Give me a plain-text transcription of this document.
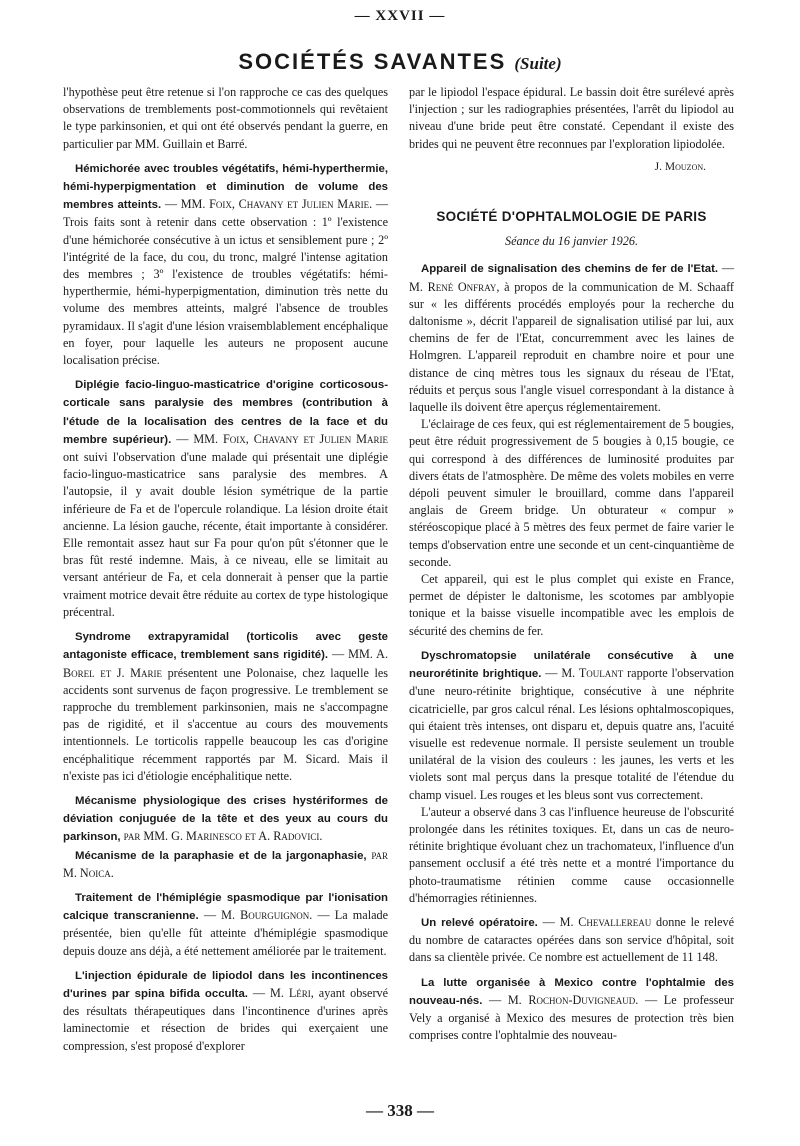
— XXVII —
SOCIÉTÉS SAVANTES (Suite)

l'hypothèse peut être retenue si l'on rapproche ce cas des quelques observations de tremblements post-commotionnels qui revêtaient le type parkinsonien, et qui ont été observés pendant la guerre, en particulier par MM. Guillain et Barré.

Hémichorée avec troubles végétatifs, hémi-hyperthermie, hémi-hyperpigmentation et diminution de volume des membres atteints. — MM. Foix, Chavany et Julien Marie. — Trois faits sont à retenir dans cette observation : 1º l'existence d'une hémichorée consécutive à un ictus et sensiblement pure ; 2º l'intégrité de la face, du cou, du tronc, malgré l'intense agitation des membres ; 3º l'existence de troubles végétatifs: hémi-hyperthermie, hémi-hyperpigmentation, diminution très nette du volume des membres atteints, malgré l'absence de troubles pyramidaux. Il s'agit d'une lésion vraisemblablement encéphalique en foyer, pour laquelle les auteurs ne proposent aucune localisation précise.

Diplégie facio-linguo-masticatrice d'origine corticosous-corticale sans paralysie des membres (contribution à l'étude de la localisation des centres de la face et du membre supérieur). — MM. Foix, Chavany et Julien Marie ont suivi l'observation d'une malade qui présentait une diplégie facio-linguo-masticatrice sans paralysie des membres. A l'autopsie, il y avait double lésion symétrique de la partie inférieure de Fa et de l'opercule rolandique. La lésion droite était ancienne. La lésion gauche, récente, était importante à considérer. Elle remontait assez haut sur Fa pour qu'on pût s'étonner que le bras fût resté indemne. Mais, à ce niveau, elle se limitait au versant antérieur de Fa, et cela donnerait à penser que la partie vraiment motrice devait être réduite au cortex de type histologique précentral.

Syndrome extrapyramidal (torticolis avec geste antagoniste efficace, tremblement sans rigidité). — MM. A. Borel et J. Marie présentent une Polonaise, chez laquelle les accidents sont survenus de façon progressive. Le tremblement se rapproche du tremblement parkinsonien, mais ne s'accompagne pas de rigidité, et il s'accentue au cours des mouvements intentionnels. Le torticolis rappelle beaucoup les cas d'origine encéphalitique récemment rapportés par M. Sicard. Mais il n'existe pas ici d'étiologie encéphalitique nette.

Mécanisme physiologique des crises hystériformes de déviation conjuguée de la tête et des yeux au cours du parkinson, par MM. G. Marinesco et A. Radovici.

Mécanisme de la paraphasie et de la jargonaphasie, par M. Noica.

Traitement de l'hémiplégie spasmodique par l'ionisation calcique transcranienne. — M. Bourguignon. — La malade présentée, bien qu'elle fût atteinte d'hémiplégie spasmodique depuis douze ans déjà, a été nettement améliorée par le traitement.

L'injection épidurale de lipiodol dans les incontinences d'urines par spina bifida occulta. — M. Léri, ayant observé des résultats thérapeutiques dans l'incontinence d'urines après laminectomie et résection de brides qui exerçaient une compression, s'est proposé d'explorer

par le lipiodol l'espace épidural. Le bassin doit être surélevé après l'injection ; sur les radiographies présentées, l'arrêt du lipiodol au niveau d'une bride peut être constaté. Cependant il existe des brides qui ne peuvent être reconnues par l'exploration lipiodolée.

J. Mouzon.
SOCIÉTÉ D'OPHTALMOLOGIE DE PARIS
Séance du 16 janvier 1926.

Appareil de signalisation des chemins de fer de l'Etat. — M. René Onfray, à propos de la communication de M. Schaaff sur « les différents procédés employés pour la recherche du daltonisme », décrit l'appareil de signalisation utilisé par lui, aux chemins de fer de l'Etat, concurremment avec les laines de Holmgren. L'appareil reproduit en chambre noire et pour une distance de cinq mètres tous les signaux du réseau de l'Etat, réduits et perçus sous l'angle visuel correspondant à la distance à laquelle ils doivent être aperçus réglementairement.

L'éclairage de ces feux, qui est réglementairement de 5 bougies, peut être réduit progressivement de 5 bougies à 0,15 bougie, ce qui correspond à des différences de luminosité produites par divers états de l'atmosphère. De même des volets mobiles en verre dépoli peuvent simuler le brouillard, comme dans l'appareil anglais de Greem bridge. Un obturateur « compur » stéréoscopique placé à 5 mètres des feux permet de faire varier le temps d'observation entre une seconde et un cent-cinquantième de seconde.

Cet appareil, qui est le plus complet qui existe en France, permet de dépister le daltonisme, les scotomes par amblyopie tonique et la baisse visuelle incompatible avec les emplois de sécurité des chemins de fer.

Dyschromatopsie unilatérale consécutive à une neurorétinite brightique. — M. Toulant rapporte l'observation d'une neuro-rétinite brightique, consécutive à une néphrite cicatricielle, par gros calcul rénal. Les lésions ophtalmoscopiques, qui étaient très intenses, ont disparu et, depuis quatre ans, l'acuité visuelle est redevenue normale. Il persiste seulement un trouble unilatéral de la vision des couleurs : les jaunes, les verts et les violets sont mal perçus dans la presque totalité de l'étendue du champ visuel. Les rouges et les bleus sont vus correctement.

L'auteur a observé dans 3 cas l'influence heureuse de l'obscurité prolongée dans les rétinites toxiques. Et, dans un cas de neuro-rétinite brightique évoluant chez un trachomateux, l'influence d'un pansement occlusif a été très nette et a montré l'importance du photo-traumatisme rétinien comme cause occasionnelle d'hémorragies rétiniennes.

Un relevé opératoire. — M. Chevallereau donne le relevé du nombre de cataractes opérées dans son service d'hôpital, soit dans sa clientèle privée. Ce nombre est actuellement de 11 148.

La lutte organisée à Mexico contre l'ophtalmie des nouveau-nés. — M. Rochon-Duvigneaud. — Le professeur Vely a organisé à Mexico des mesures de protection très bien comprises contre l'ophtalmie des nouveau-

— 338 —
